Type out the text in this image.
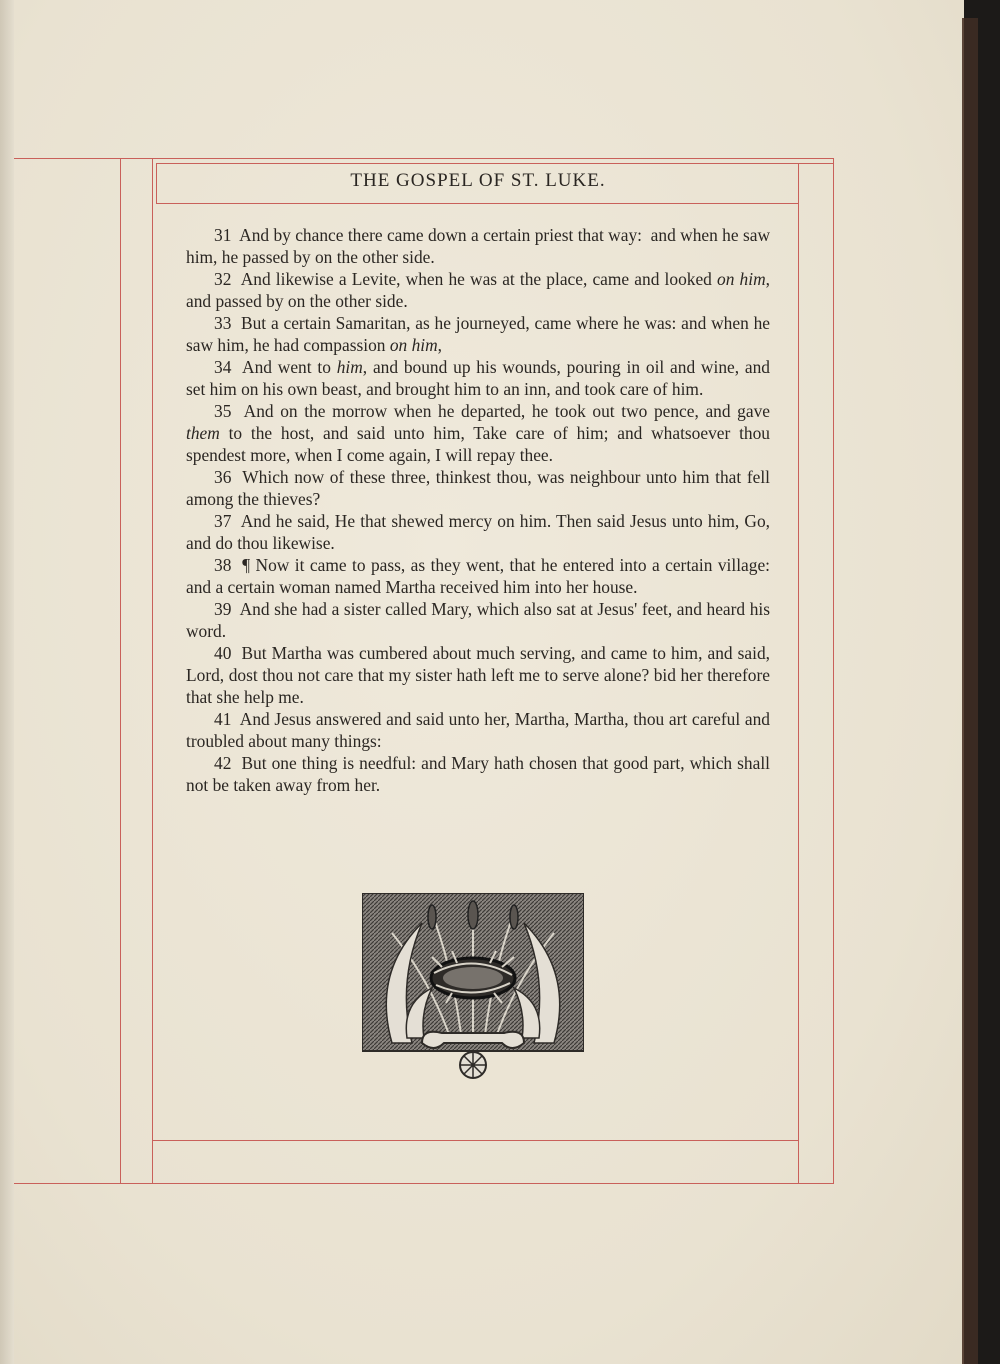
THE GOSPEL OF ST. LUKE.

31  And by chance there came down a certain priest that way:  and when he saw him, he passed by on the other side.

32  And likewise a Levite, when he was at the place, came and looked on him, and passed by on the other side.

33  But a certain Samaritan, as he journeyed, came where he was: and when he saw him, he had compassion on him,

34  And went to him, and bound up his wounds, pouring in oil and wine, and set him on his own beast, and brought him to an inn, and took care of him.

35  And on the morrow when he departed, he took out two pence, and gave them to the host, and said unto him, Take care of him; and whatsoever thou spendest more, when I come again, I will repay thee.

36 Which now of these three, thinkest thou, was neighbour unto him that fell among the thieves?

37 And he said, He that shewed mercy on him. Then said Jesus unto him, Go, and do thou likewise.

38 ¶ Now it came to pass, as they went, that he entered into a certain village: and a certain woman named Martha received him into her house.

39 And she had a sister called Mary, which also sat at Jesus' feet, and heard his word.

40 But Martha was cumbered about much serving, and came to him, and said, Lord, dost thou not care that my sister hath left me to serve alone? bid her therefore that she help me.

41 And Jesus answered and said unto her, Martha, Martha, thou art careful and troubled about many things:

42 But one thing is needful: and Mary hath chosen that good part, which shall not be taken away from her.
